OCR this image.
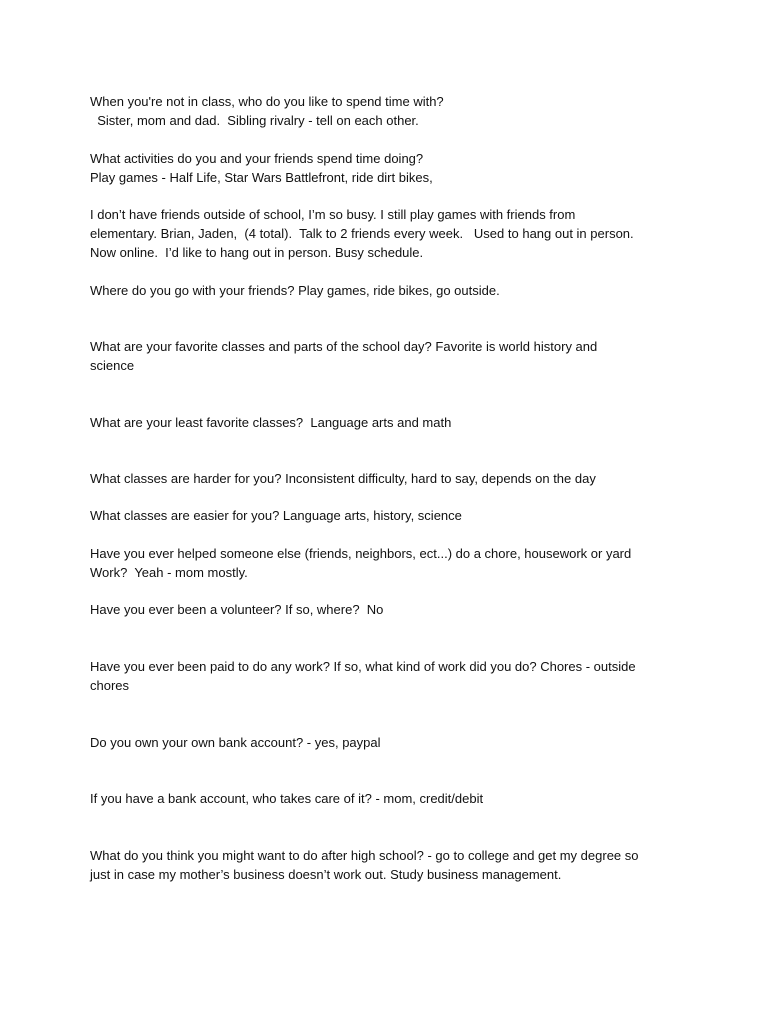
When you're not in class, who do you like to spend time with?

Sister, mom and dad.  Sibling rivalry - tell on each other.

What activities do you and your friends spend time doing?

Play games - Half Life, Star Wars Battlefront, ride dirt bikes,

I don’t have friends outside of school, I’m so busy. I still play games with friends from

elementary. Brian, Jaden,  (4 total).  Talk to 2 friends every week.   Used to hang out in person.

Now online.  I’d like to hang out in person. Busy schedule.

Where do you go with your friends? Play games, ride bikes, go outside.

What are your favorite classes and parts of the school day? Favorite is world history and

science

What are your least favorite classes?  Language arts and math

What classes are harder for you? Inconsistent difficulty, hard to say, depends on the day

What classes are easier for you? Language arts, history, science

Have you ever helped someone else (friends, neighbors, ect...) do a chore, housework or yard

Work?  Yeah - mom mostly.

Have you ever been a volunteer? If so, where?  No

Have you ever been paid to do any work? If so, what kind of work did you do? Chores - outside

chores

Do you own your own bank account? - yes, paypal

If you have a bank account, who takes care of it? - mom, credit/debit

What do you think you might want to do after high school? - go to college and get my degree so

just in case my mother’s business doesn’t work out. Study business management.
